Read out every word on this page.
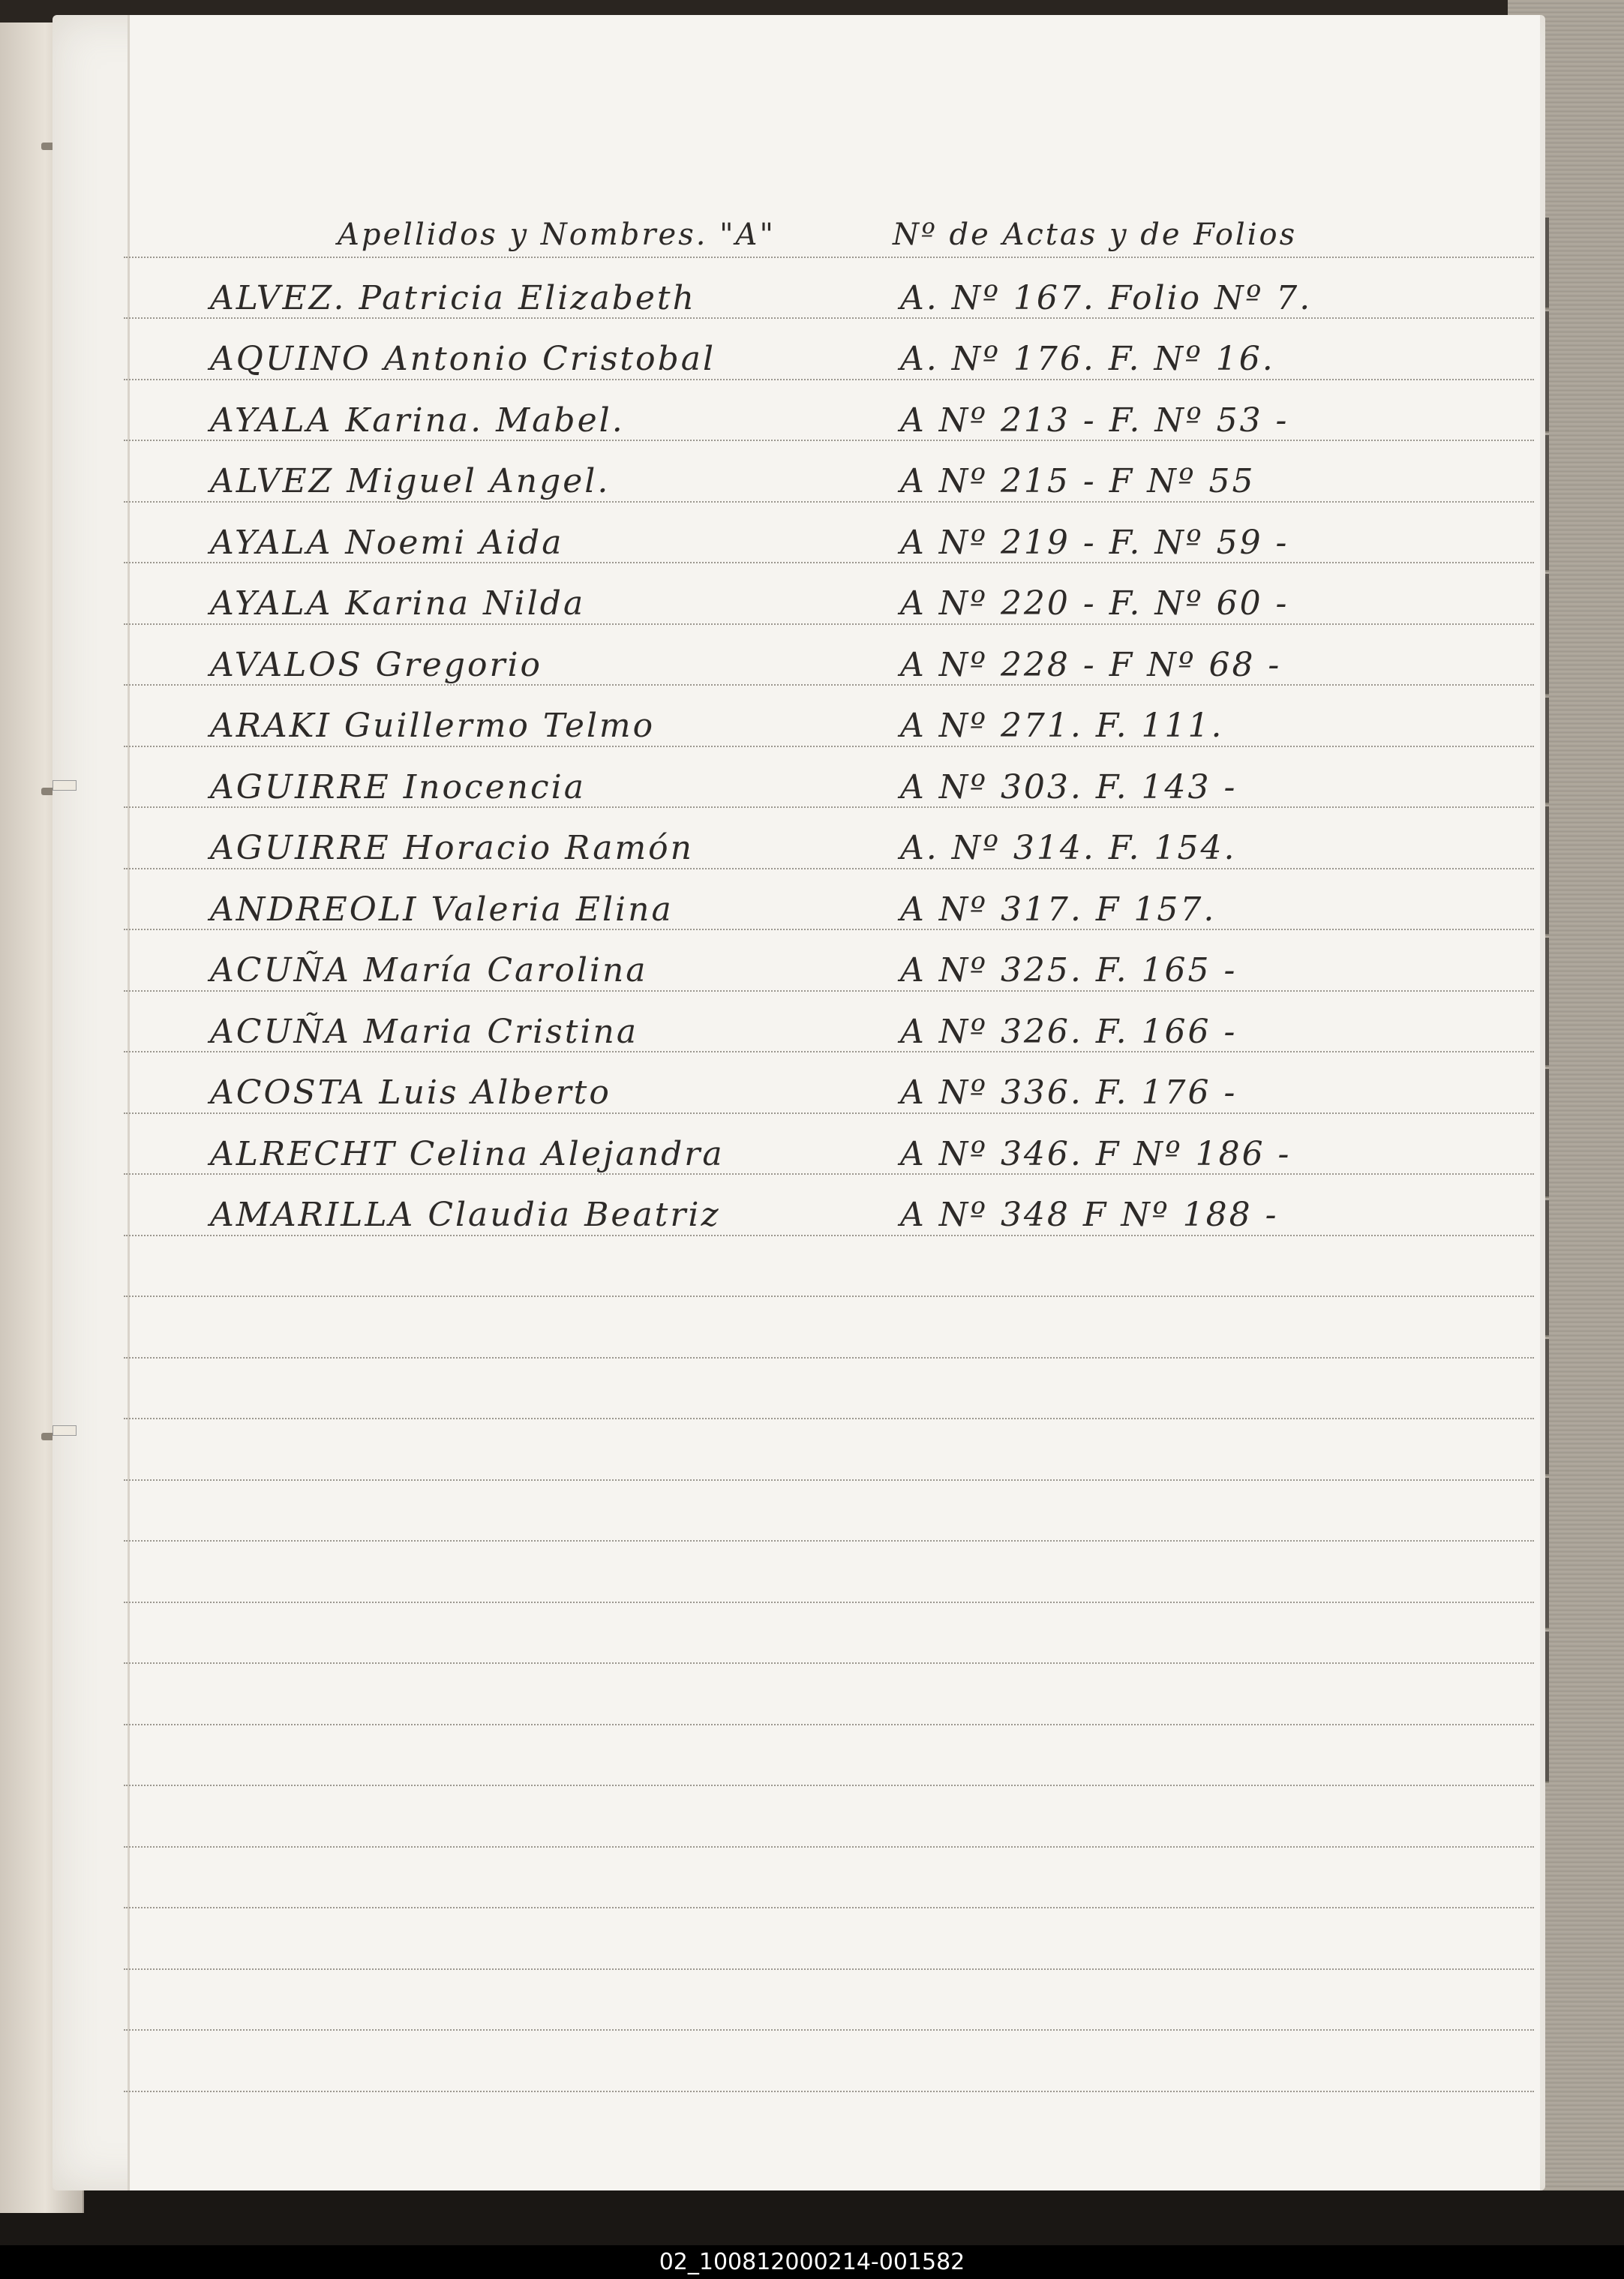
Apellidos y Nombres. "A"	Nº de Actas y de Folios
ALVEZ. Patricia Elizabeth	A. Nº 167. Folio Nº 7.
AQUINO Antonio Cristobal	A. Nº 176. F. Nº 16.
AYALA Karina. Mabel.	A Nº 213 - F. Nº 53 -
ALVEZ Miguel Angel.	A Nº 215 - F Nº 55
AYALA Noemi Aida	A Nº 219 - F. Nº 59 -
AYALA Karina Nilda	A Nº 220 - F. Nº 60 -
AVALOS Gregorio	A Nº 228 - F Nº 68 -
ARAKI Guillermo Telmo	A Nº 271. F. 111.
AGUIRRE Inocencia	A Nº 303. F. 143 -
AGUIRRE Horacio Ramón	A. Nº 314. F. 154.
ANDREOLI Valeria Elina	A Nº 317. F 157.
ACUÑA María Carolina	A Nº 325. F. 165 -
ACUÑA Maria Cristina	A Nº 326. F. 166 -
ACOSTA Luis Alberto	A Nº 336. F. 176 -
ALRECHT Celina Alejandra	A Nº 346. F Nº 186 -
AMARILLA Claudia Beatriz	A Nº 348 F Nº 188 -
02_100812000214-001582
